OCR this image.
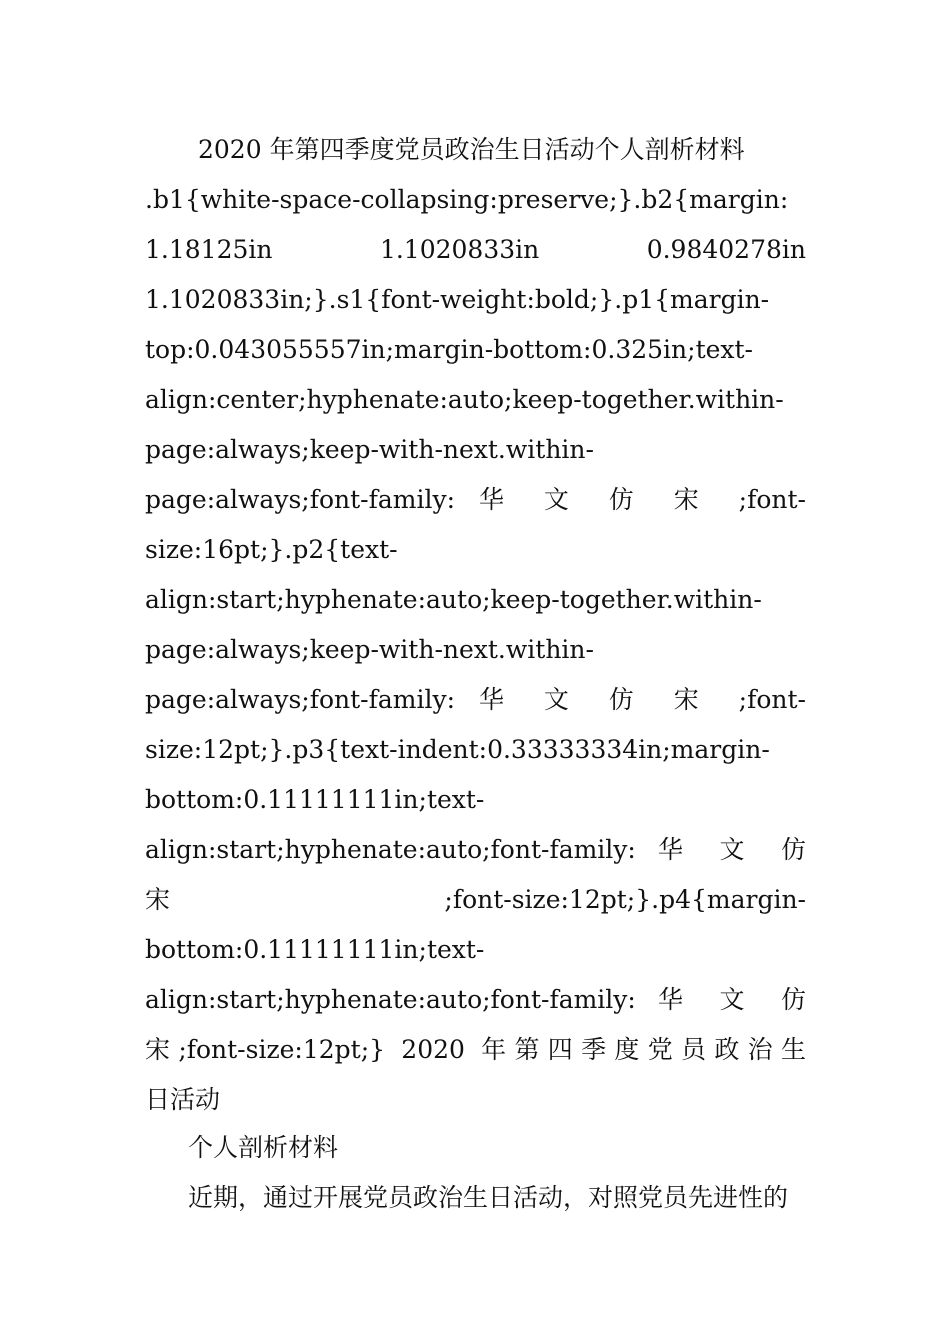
2020 年第四季度党员政治生日活动个人剖析材料
.b1{white-space-collapsing:preserve;}.b2{margin:
1.18125in 1.1020833in 0.9840278in
1.1020833in;}.s1{font-weight:bold;}.p1{margin-
top:0.043055557in;margin-bottom:0.325in;text-
align:center;hyphenate:auto;keep-together.within-
page:always;keep-with-next.within-
page:always;font-family: 华 文 仿 宋 ;font-
size:16pt;}.p2{text-
align:start;hyphenate:auto;keep-together.within-
page:always;keep-with-next.within-
page:always;font-family: 华 文 仿 宋 ;font-
size:12pt;}.p3{text-indent:0.33333334in;margin-
bottom:0.11111111in;text-
align:start;hyphenate:auto;font-family: 华 文 仿
宋 ;font-size:12pt;}.p4{margin-
bottom:0.11111111in;text-
align:start;hyphenate:auto;font-family: 华 文 仿
宋;font-size:12pt;} 2020 年第四季度党员政治生
日活动
个人剖析材料
近期，通过开展党员政治生日活动，对照党员先进性的
